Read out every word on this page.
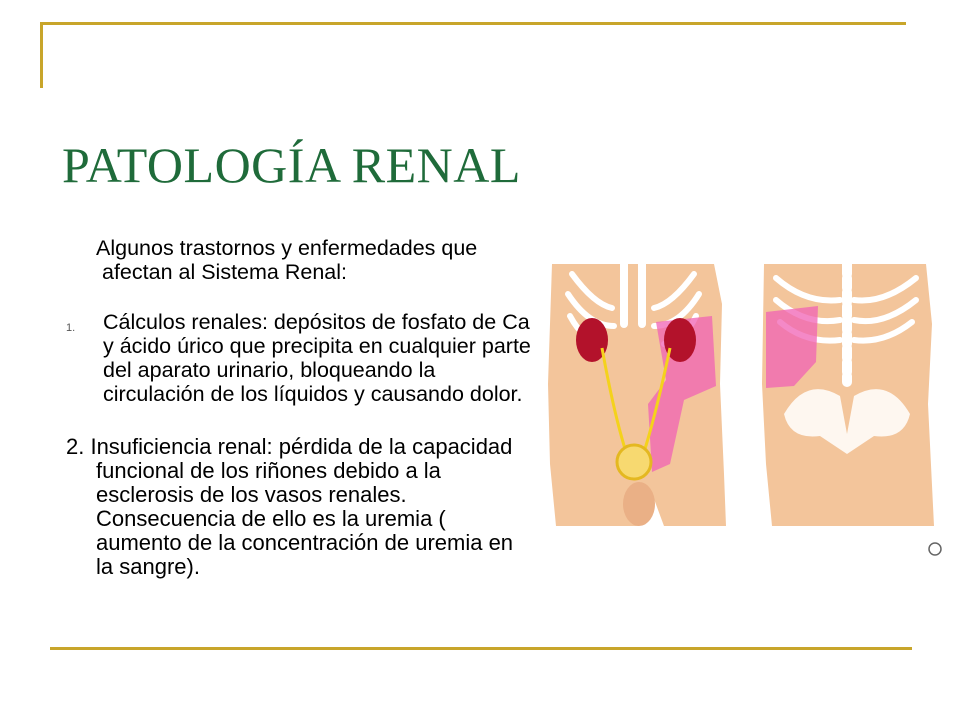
PATOLOGÍA RENAL

Algunos trastornos y enfermedades que afectan al Sistema Renal:

1.	Cálculos renales: depósitos de fosfato de Ca y ácido úrico que precipita en cualquier parte del aparato urinario, bloqueando la circulación de los líquidos y causando dolor.

2. Insuficiencia renal: pérdida de la capacidad funcional de los riñones debido a la esclerosis de los vasos renales. Consecuencia de ello es la uremia ( aumento de la concentración de uremia en la sangre).
